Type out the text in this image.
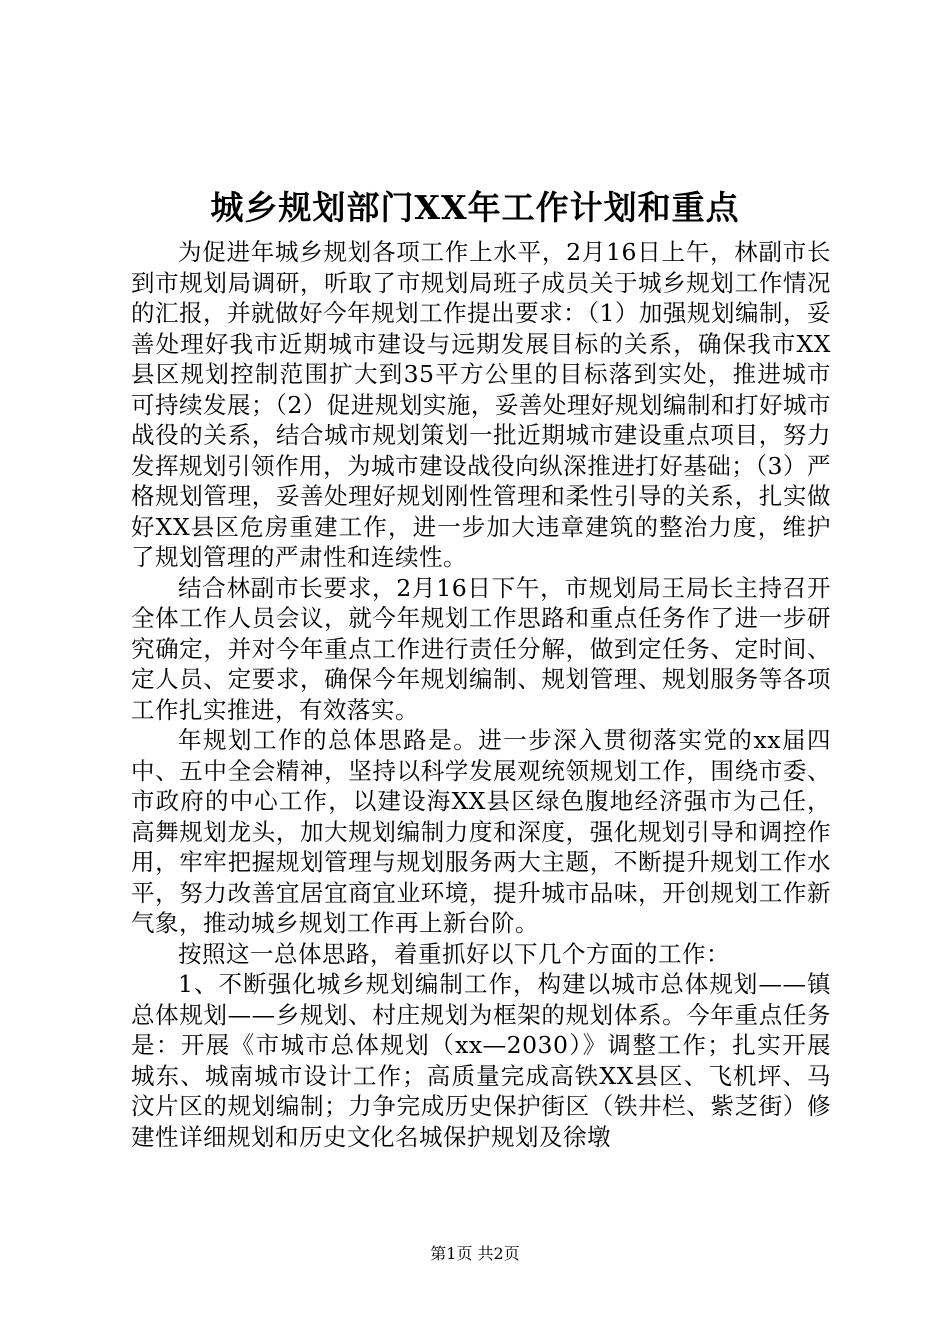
城乡规划部门XX年工作计划和重点

为促进年城乡规划各项工作上水平，2月16日上午，林副市长到市规划局调研，听取了市规划局班子成员关于城乡规划工作情况的汇报，并就做好今年规划工作提出要求：（1）加强规划编制，妥善处理好我市近期城市建设与远期发展目标的关系，确保我市XX县区规划控制范围扩大到35平方公里的目标落到实处，推进城市可持续发展；（2）促进规划实施，妥善处理好规划编制和打好城市战役的关系，结合城市规划策划一批近期城市建设重点项目，努力发挥规划引领作用，为城市建设战役向纵深推进打好基础；（3）严格规划管理，妥善处理好规划刚性管理和柔性引导的关系，扎实做好XX县区危房重建工作，进一步加大违章建筑的整治力度，维护了规划管理的严肃性和连续性。

结合林副市长要求，2月16日下午，市规划局王局长主持召开全体工作人员会议，就今年规划工作思路和重点任务作了进一步研究确定，并对今年重点工作进行责任分解，做到定任务、定时间、定人员、定要求，确保今年规划编制、规划管理、规划服务等各项工作扎实推进，有效落实。

年规划工作的总体思路是。进一步深入贯彻落实党的xx届四中、五中全会精神，坚持以科学发展观统领规划工作，围绕市委、市政府的中心工作，以建设海XX县区绿色腹地经济强市为己任，高舞规划龙头，加大规划编制力度和深度，强化规划引导和调控作用，牢牢把握规划管理与规划服务两大主题，不断提升规划工作水平，努力改善宜居宜商宜业环境，提升城市品味，开创规划工作新气象，推动城乡规划工作再上新台阶。

按照这一总体思路，着重抓好以下几个方面的工作：

1、不断强化城乡规划编制工作，构建以城市总体规划——镇总体规划——乡规划、村庄规划为框架的规划体系。今年重点任务是：开展《市城市总体规划（xx—2030）》调整工作；扎实开展城东、城南城市设计工作；高质量完成高铁XX县区、飞机坪、马汶片区的规划编制；力争完成历史保护街区（铁井栏、紫芝街）修建性详细规划和历史文化名城保护规划及徐墩

第1页 共2页
